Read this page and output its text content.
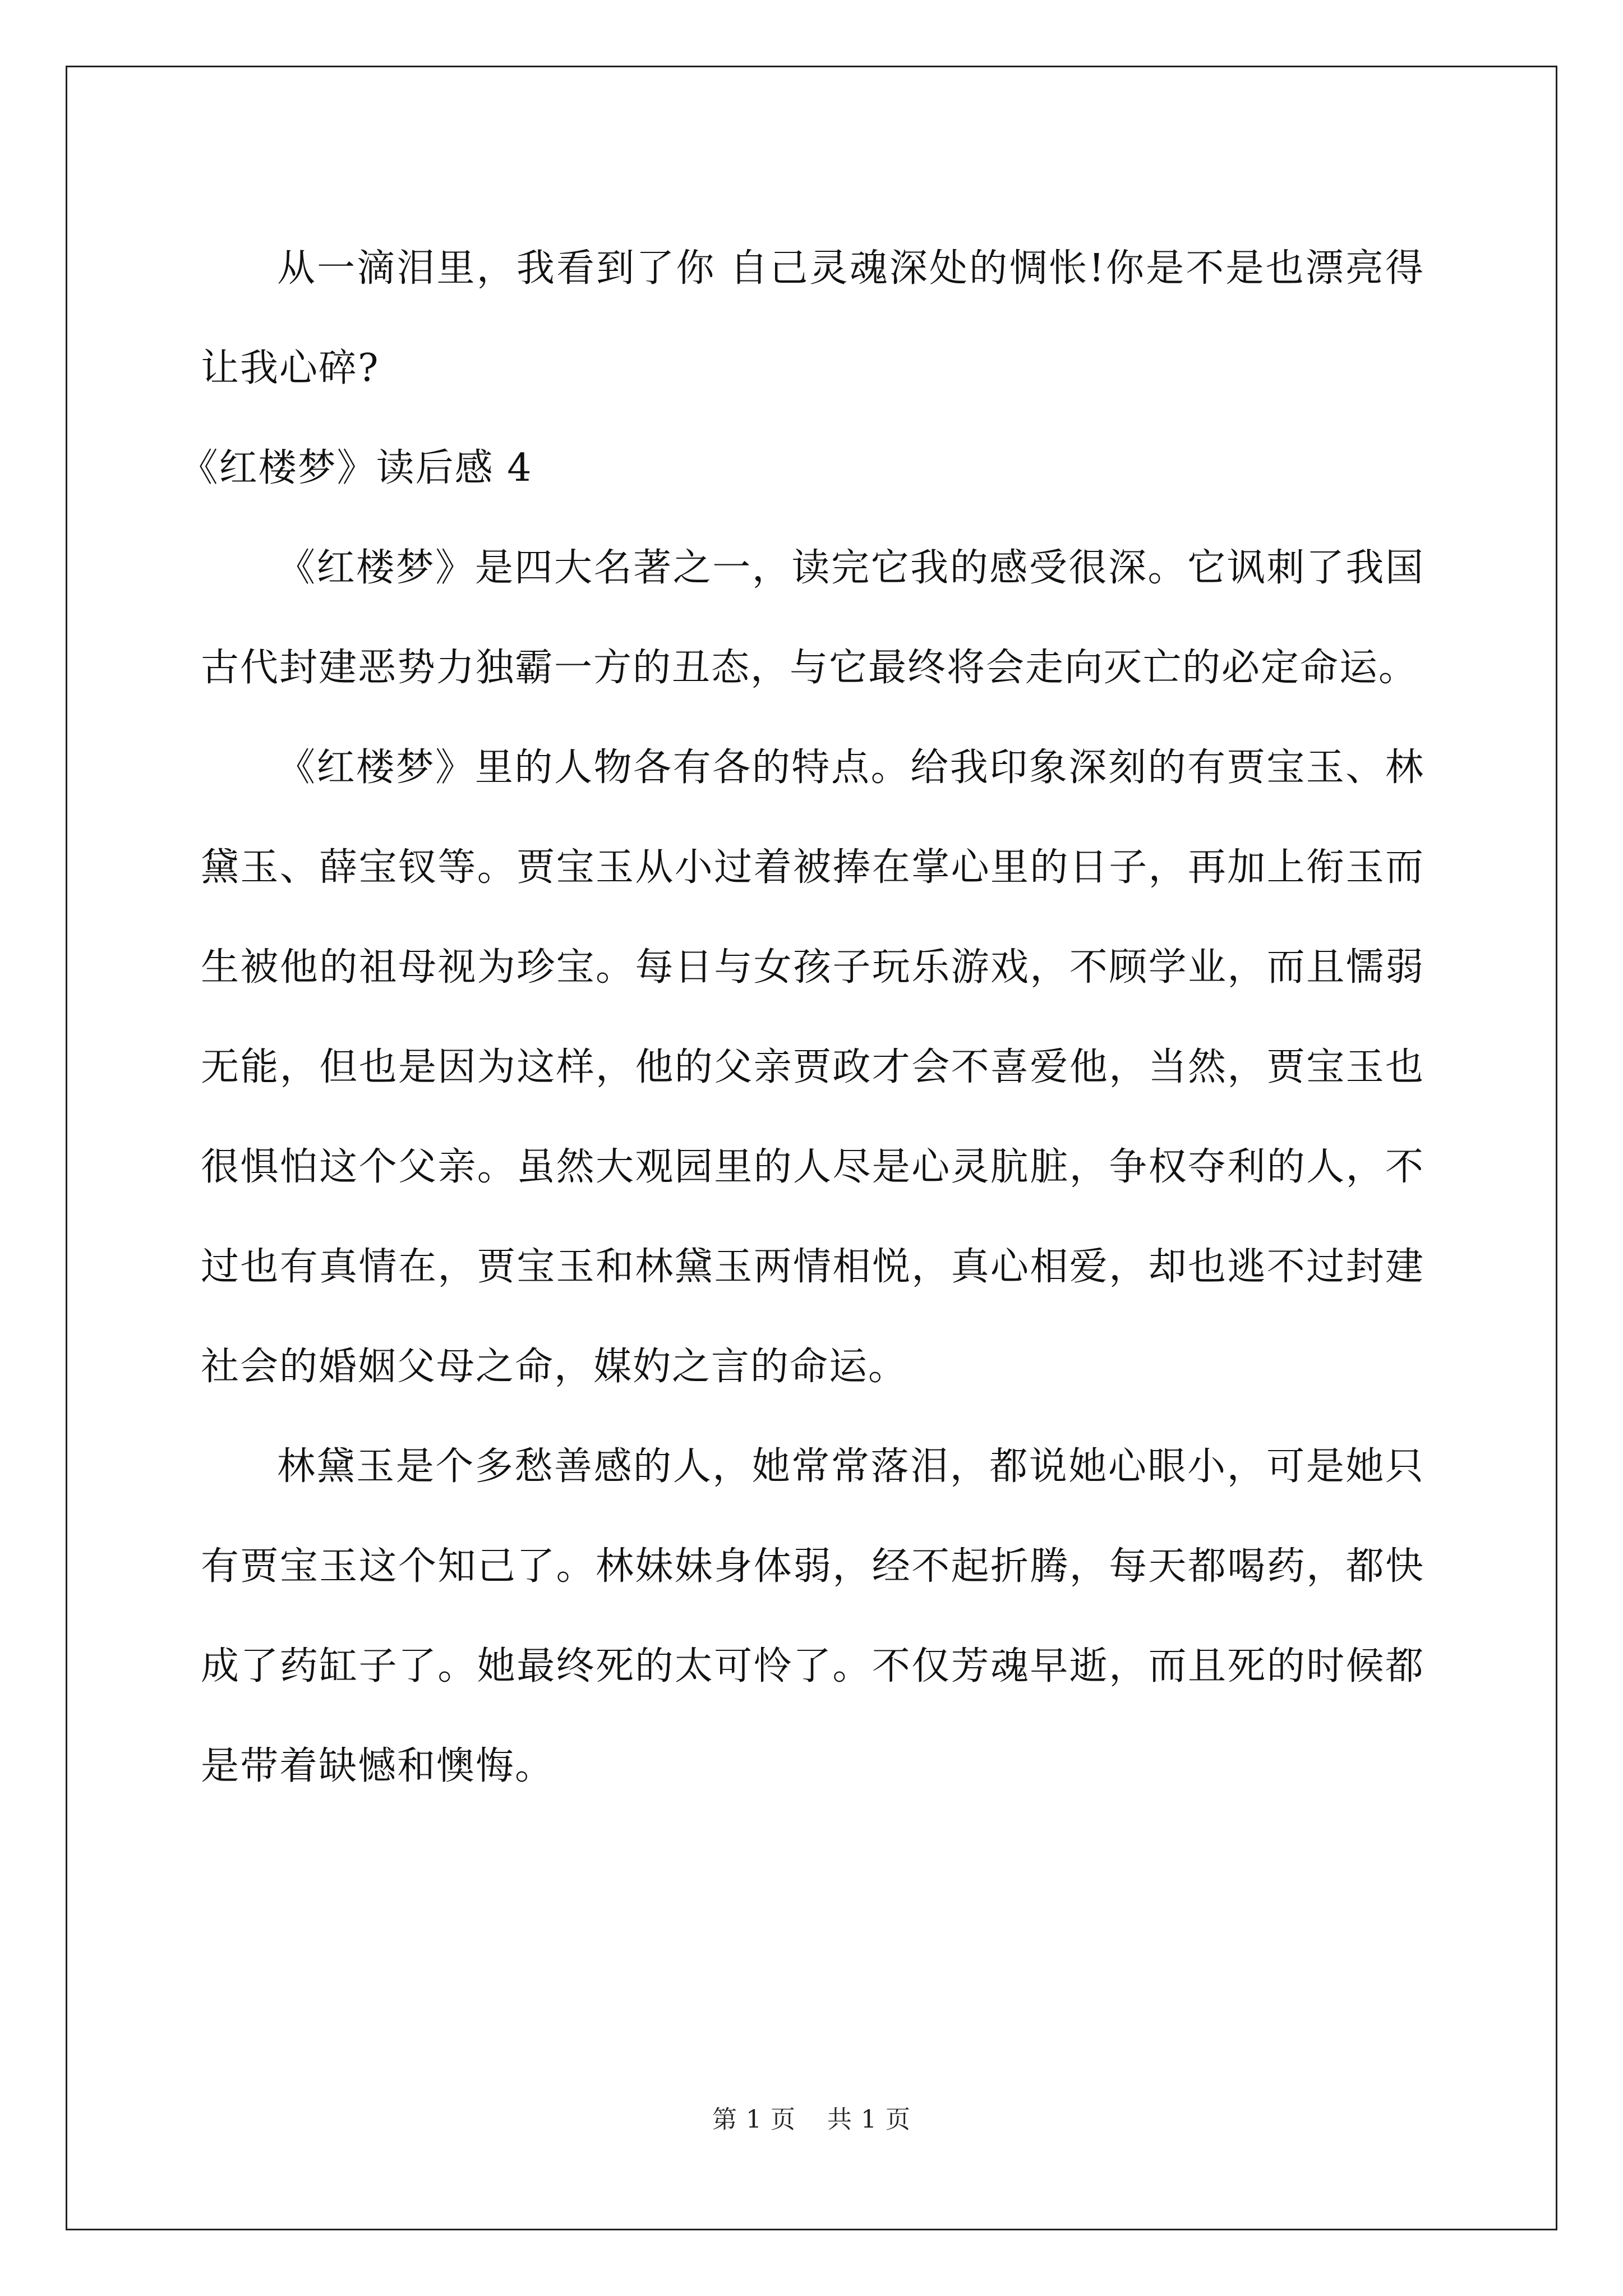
从一滴泪里，我看到了你 自己灵魂深处的惆怅!你是不是也漂亮得让我心碎?

《红楼梦》读后感 4

《红楼梦》是四大名著之一，读完它我的感受很深。它讽刺了我国古代封建恶势力独霸一方的丑态，与它最终将会走向灭亡的必定命运。

《红楼梦》里的人物各有各的特点。给我印象深刻的有贾宝玉、林黛玉、薛宝钗等。贾宝玉从小过着被捧在掌心里的日子，再加上衔玉而生被他的祖母视为珍宝。每日与女孩子玩乐游戏，不顾学业，而且懦弱无能，但也是因为这样，他的父亲贾政才会不喜爱他，当然，贾宝玉也很惧怕这个父亲。虽然大观园里的人尽是心灵肮脏，争权夺利的人，不过也有真情在，贾宝玉和林黛玉两情相悦，真心相爱，却也逃不过封建社会的婚姻父母之命，媒妁之言的命运。

林黛玉是个多愁善感的人，她常常落泪，都说她心眼小，可是她只有贾宝玉这个知己了。林妹妹身体弱，经不起折腾，每天都喝药，都快成了药缸子了。她最终死的太可怜了。不仅芳魂早逝，而且死的时候都是带着缺憾和懊悔。

第 1 页 共 1 页
